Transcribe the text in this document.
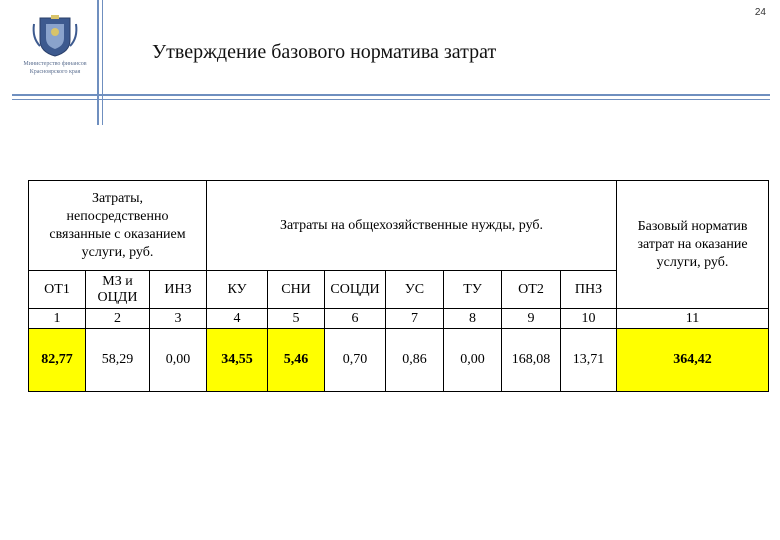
24
Министерство финансов
Красноярского края
Утверждение базового норматива затрат
Затраты, непосредственно связанные с оказанием услуги, руб.			Затраты на общехозяйственные нужды, руб.							Базовый норматив затрат на оказание услуги, руб.
ОТ1	МЗ и ОЦДИ	ИНЗ	КУ	СНИ	СОЦДИ	УС	ТУ	ОТ2	ПНЗ	
1	2	3	4	5	6	7	8	9	10	11
82,77	58,29	0,00	34,55	5,46	0,70	0,86	0,00	168,08	13,71	364,42
